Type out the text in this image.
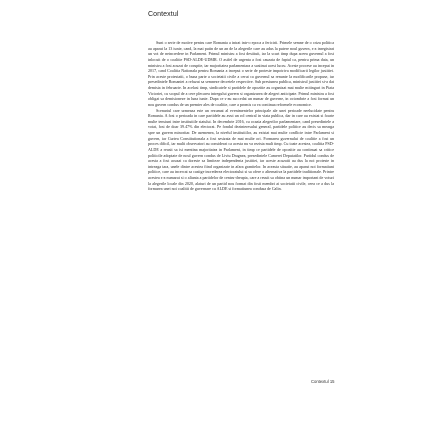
Contextul

Sunt o serie de motive pentru care Romania a intrat intr-o epoca a fericirii. Primele semne de o criza politica au aparut la 13 iunie, cand, la mai putin de un an de la alegerile care au adus la putere noul guvern, s-a inregistrat un vot de neincredere in Parlament. Primul ministru a fost destituit, iar la scurt timp dupa aceea guvernul a fost inlocuit de o coalitie PSD-ALDE-UDMR. O astfel de urgenta a fost cauzata de faptul ca, pentru prima data, un ministru a fost acuzat de coruptie, iar majoritatea parlamentara a sustinut acest lucru. Aceste procese au inceput in 2017, cand Coalitia Nationala pentru Romania a inceput o serie de proteste impotriva modificarii legilor justitiei. Prin aceste protestatii, o buna parte a societatii civile a cerut ca guvernul sa renunte la modificarile propuse, iar presedintele Romaniei a refuzat sa semneze decretele respective. Sub presiunea publica, ministrul justitiei si-a dat demisia in februarie. In acelasi timp, sindicatele si partidele de opozitie au organizat mai multe mitinguri in Piata Victoriei, cu scopul de a cere plecarea intregului guvern si organizarea de alegeri anticipate. Primul ministru a fost obligat sa demisioneze in luna iunie. Dupa ce s-au succedat un numar de guverne, in octombrie a fost format un nou guvern condus de un premier ales de coalitie, care a promis ca va continua reformele economice.

Scenariul care urmeaza este un rezumat al evenimentelor principale ale unei perioade neelucidate pentru Romania. A fost o perioada in care partidele au avut un rol central in viata publica, dar in care au existat si foarte multe tensiuni intre institutiile statului. In decembrie 2016, cu ocazia alegerilor parlamentare, cand presedintele a votat, fost de doar 39.47% din electorat. Pe fondul dezinteresului general, partidele politice au decis sa mearga spre un guvern minoritar. De asemenea, la nivelul institutiilor, au existat mai multe conflicte intre Parlament si guvern, iar Curtea Constitutionala a fost sesizata de mai multe ori. Formarea guvernului de coalitie a fost un proces dificil, iar multi observatori au considerat ca acesta nu va rezista mult timp. Cu toate acestea, coalitia PSD-ALDE a reusit sa isi mentina majoritatea in Parlament, in timp ce partidele de opozitie au continuat sa critice politicile adoptate de noul guvern condus de Liviu Dragnea, presedintele Camerei Deputatilor. Partidul condus de acesta a fost acuzat ca doreste sa limiteze independenta justitiei, iar aceste acuzatii au dus la noi proteste in intreaga tara, unele dintre acestea fiind organizate in afara granitelor. In aceasta situatie, au aparut noi formatiuni politice, care au incercat sa castige increderea electoratului si sa ofere o alternativa la partidele traditionale. Printre acestea s-a numarat si o alianta a partidelor de centru-dreapta, care a reusit sa obtina un numar important de voturi la alegerile locale din 2020, alaturi de un partid nou format din fosti membri ai societatii civile, ceea ce a dus la formarea unei noi coalitii de guvernare cu ALDE si formatiunea condusa de Calin.

Contextul 15
